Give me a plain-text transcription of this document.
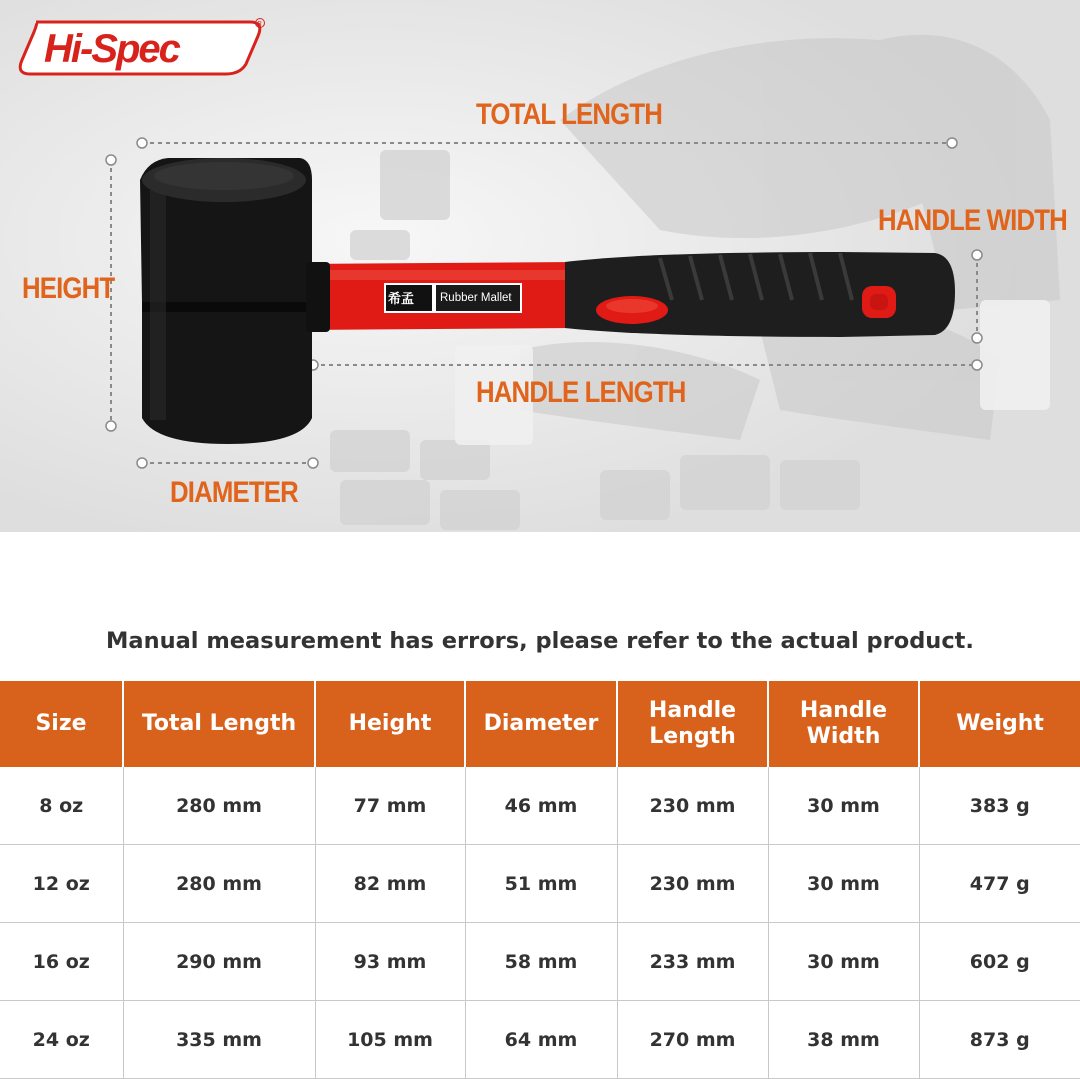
Hi-Spec
R
希孟 Rubber Mallet
TOTAL LENGTH
HEIGHT
HANDLE WIDTH
HANDLE LENGTH
DIAMETER
Manual measurement has errors, please refer to the actual product.
Size	Total Length	Height	Diameter	Handle Length	Handle Width	Weight
8 oz	280 mm	77 mm	46 mm	230 mm	30 mm	383 g
12 oz	280 mm	82 mm	51 mm	230 mm	30 mm	477 g
16 oz	290 mm	93 mm	58 mm	233 mm	30 mm	602 g
24 oz	335 mm	105 mm	64 mm	270 mm	38 mm	873 g
